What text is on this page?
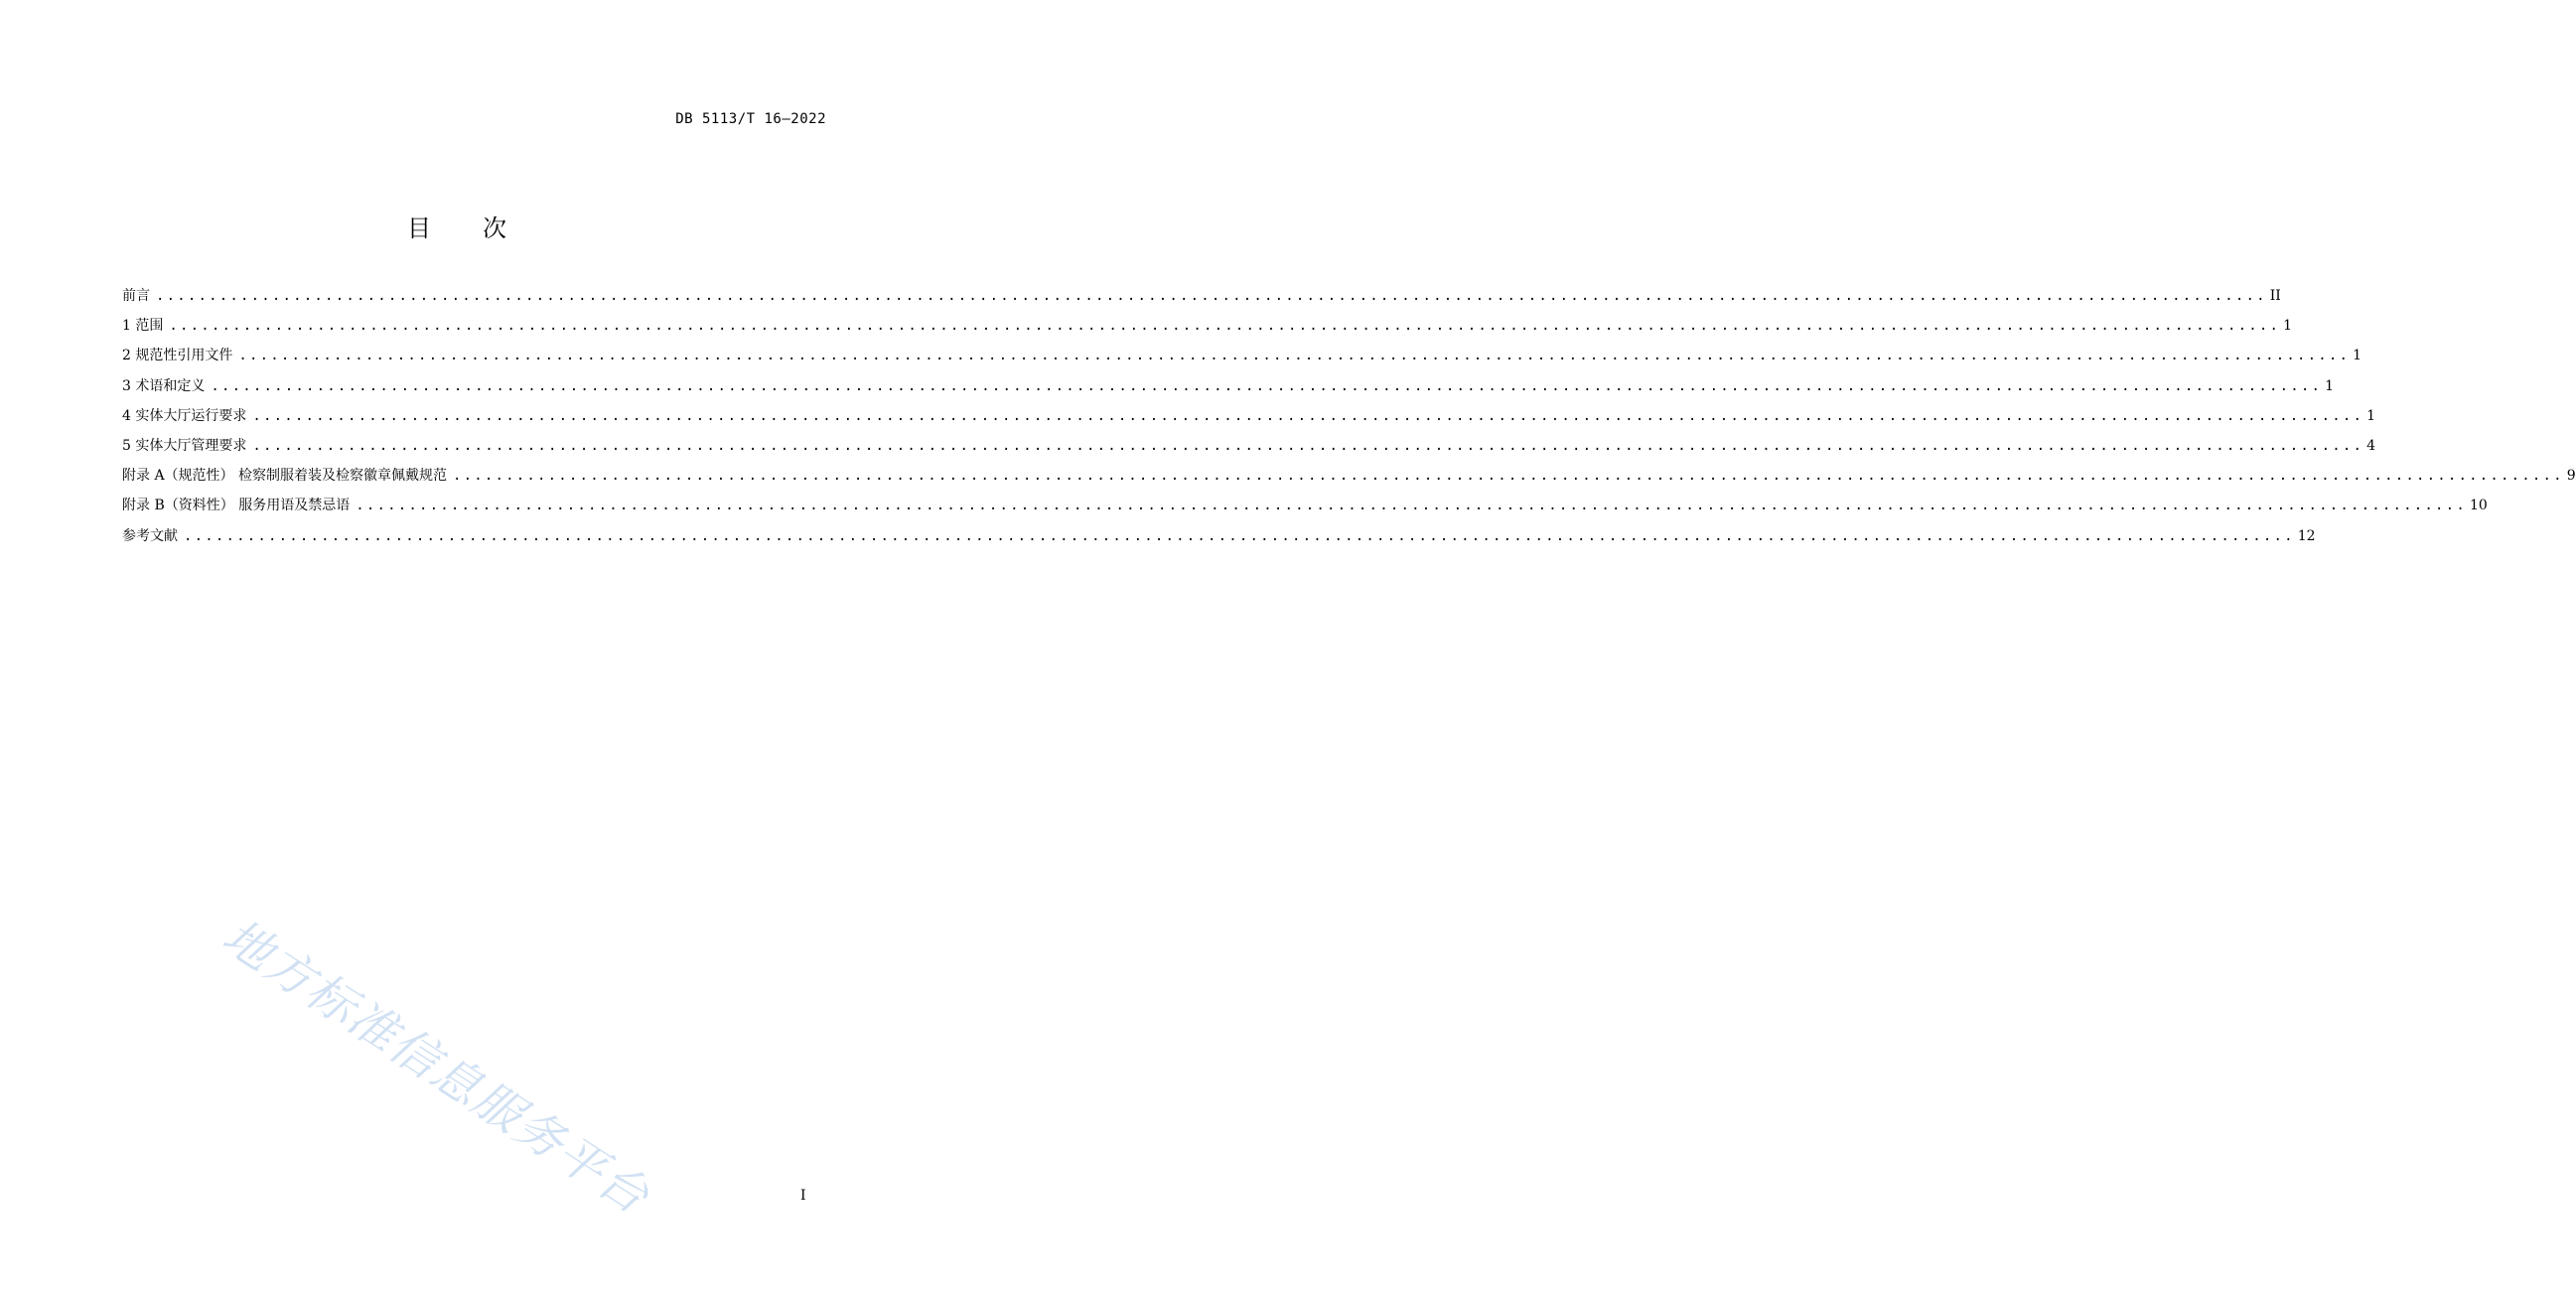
DB 5113/T 16—2022
目 次
前言 ........................................................................................................................................................................................................ II
1 范围 ........................................................................................................................................................................................................ 1
2 规范性引用文件 ........................................................................................................................................................................................................ 1
3 术语和定义 ........................................................................................................................................................................................................ 1
4 实体大厅运行要求 ........................................................................................................................................................................................................ 1
5 实体大厅管理要求 ........................................................................................................................................................................................................ 4
附录 A（规范性） 检察制服着装及检察徽章佩戴规范 ........................................................................................................................................................................................................ 9
附录 B（资料性） 服务用语及禁忌语 ........................................................................................................................................................................................................ 10
参考文献 ........................................................................................................................................................................................................ 12
地方标准信息服务平台	I
